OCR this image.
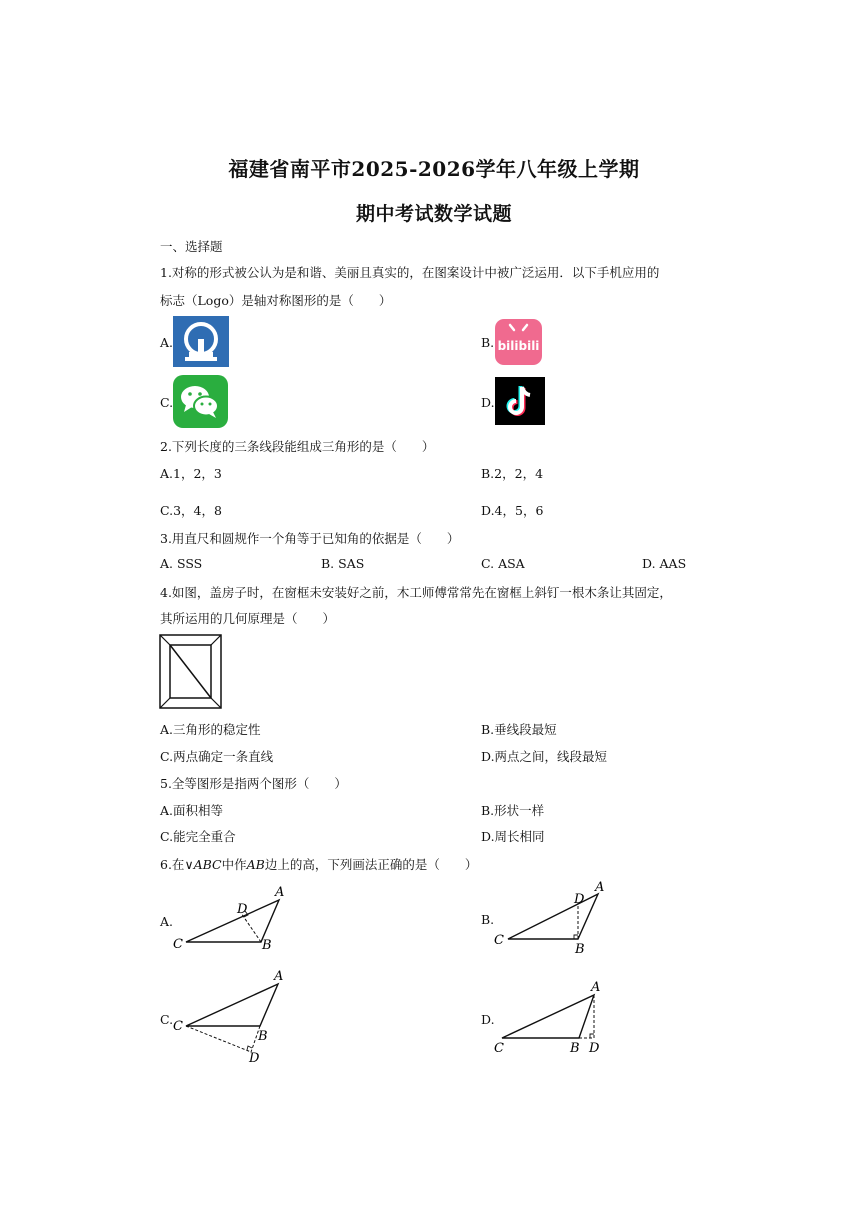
福建省南平市2025-2026学年八年级上学期
期中考试数学试题
一、选择题
1.对称的形式被公认为是和谐、美丽且真实的，在图案设计中被广泛运用．以下手机应用的
标志（Logo）是轴对称图形的是（　　）
A.	B. bilibili
C.	D.
2.下列长度的三条线段能组成三角形的是（　　）
A.1，2，3	B.2，2，4
C.3，4，8	D.4，5，6
3.用直尺和圆规作一个角等于已知角的依据是（　　）
A. SSS	B. SAS	C. ASA	D. AAS
4.如图，盖房子时，在窗框未安装好之前，木工师傅常常先在窗框上斜钉一根木条让其固定，
其所运用的几何原理是（　　）
A.三角形的稳定性	B.垂线段最短
C.两点确定一条直线	D.两点之间，线段最短
5.全等图形是指两个图形（　　）
A.面积相等	B.形状一样
C.能完全重合	D.周长相同
6.在∨ABC中作AB边上的高，下列画法正确的是（　　）
A.
A
D
C	B
B.
A
D
C
B
C.
A
C
B
D
D.
A
C	B D
